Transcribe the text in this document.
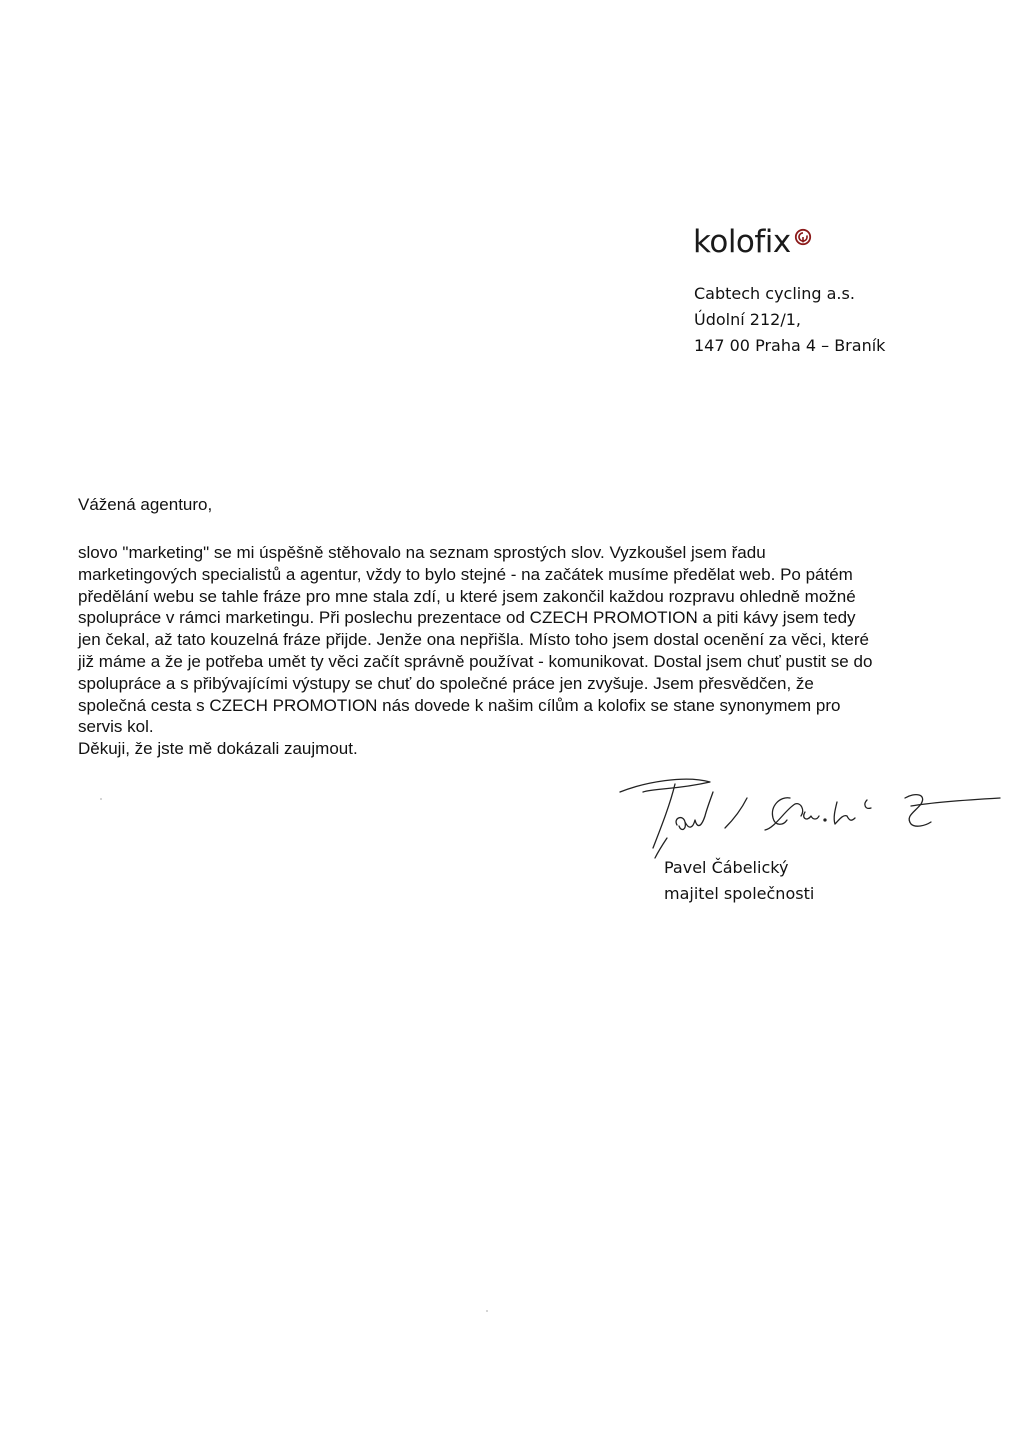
kolofix
Cabtech cycling a.s.
Údolní 212/1,
147 00 Praha 4 – Braník
Vážená agenturo,
slovo "marketing" se mi úspěšně stěhovalo na seznam sprostých slov. Vyzkoušel jsem řadu
marketingových specialistů a agentur, vždy to bylo stejné - na začátek musíme předělat web. Po pátém
předělání webu se tahle fráze pro mne stala zdí, u které jsem zakončil každou rozpravu ohledně možné
spolupráce v rámci marketingu. Při poslechu prezentace od CZECH PROMOTION a piti kávy jsem tedy
jen čekal, až tato kouzelná fráze přijde. Jenže ona nepřišla. Místo toho jsem dostal ocenění za věci, které
již máme a že je potřeba umět ty věci začít správně používat - komunikovat. Dostal jsem chuť pustit se do
spolupráce a s přibývajícími výstupy se chuť do společné práce jen zvyšuje. Jsem přesvědčen, že
společná cesta s CZECH PROMOTION nás dovede k našim cílům a kolofix se stane synonymem pro
servis kol.
Děkuji, že jste mě dokázali zaujmout.
Pavel Čábelický
majitel společnosti
